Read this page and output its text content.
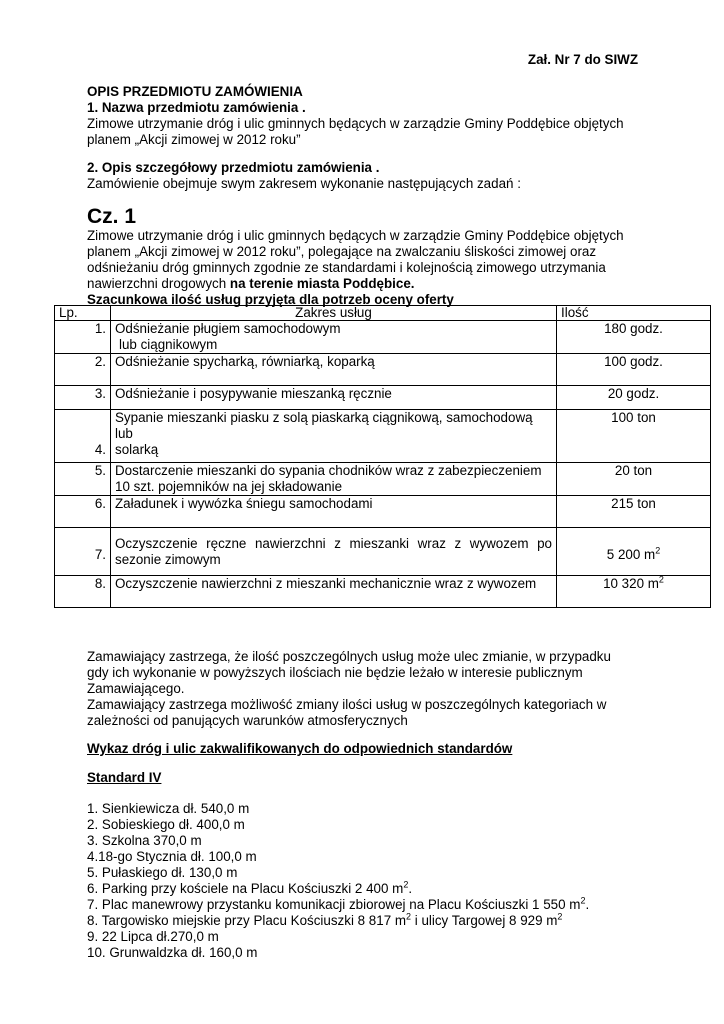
Zał. Nr 7 do SIWZ
OPIS PRZEDMIOTU ZAMÓWIENIA
1. Nazwa przedmiotu zamówienia .
Zimowe utrzymanie dróg i ulic gminnych będących w zarządzie Gminy Poddębice objętych
planem „Akcji zimowej w 2012 roku”
2. Opis szczegółowy przedmiotu zamówienia .
Zamówienie obejmuje swym zakresem wykonanie następujących zadań :
Cz. 1
Zimowe utrzymanie dróg i ulic gminnych będących w zarządzie Gminy Poddębice objętych
planem „Akcji zimowej w 2012 roku”, polegające na zwalczaniu śliskości zimowej oraz
odśnieżaniu dróg gminnych zgodnie ze standardami i kolejnością zimowego utrzymania
nawierzchni drogowych na terenie miasta Poddębice.
Szacunkowa ilość usług przyjęta dla potrzeb oceny oferty
Lp.	Zakres usług	Ilość
1.	Odśnieżanie pługiem samochodowym
lub ciągnikowym	180 godz.
2.	Odśnieżanie spycharką, równiarką, koparką	100 godz.
3.	Odśnieżanie i posypywanie mieszanką ręcznie	20 godz.
4.	Sypanie mieszanki piasku z solą piaskarką ciągnikową, samochodową lub
solarką	100 ton
5.	Dostarczenie mieszanki do sypania chodników wraz z zabezpieczeniem
10 szt. pojemników na jej składowanie	20 ton
6.	Załadunek i wywózka śniegu samochodami	215 ton
7.	Oczyszczenie ręczne nawierzchni z mieszanki wraz z wywozem po
sezonie zimowym	5 200 $m^2$
8.	Oczyszczenie nawierzchni z mieszanki mechanicznie wraz z wywozem	10 320 $m^2$
Zamawiający zastrzega, że ilość poszczególnych usług może ulec zmianie, w przypadku
gdy ich wykonanie w powyższych ilościach nie będzie leżało w interesie publicznym
Zamawiającego.
Zamawiający zastrzega możliwość zmiany ilości usług w poszczególnych kategoriach w
zależności od panujących warunków atmosferycznych
Wykaz dróg i ulic zakwalifikowanych do odpowiednich standardów
Standard IV
1. Sienkiewicza dł. 540,0 m
2. Sobieskiego dł. 400,0 m
3. Szkolna 370,0 m
4.18-go Stycznia dł. 100,0 m
5. Pułaskiego dł. 130,0 m
6. Parking przy kościele na Placu Kościuszki 2 400 $m^2$.
7. Plac manewrowy przystanku komunikacji zbiorowej na Placu Kościuszki 1 550 $m^2$.
8. Targowisko miejskie przy Placu Kościuszki 8 817 $m^2$ i ulicy Targowej 8 929 $m^2$
9. 22 Lipca dł.270,0 m
10. Grunwaldzka dł. 160,0 m
